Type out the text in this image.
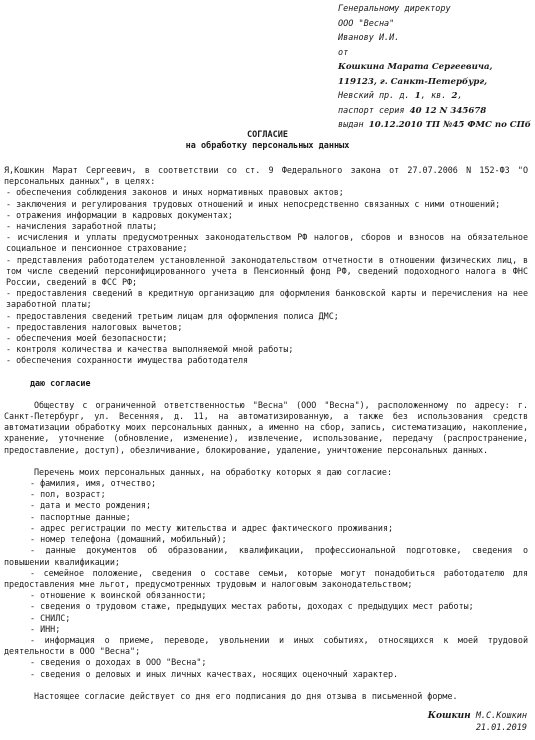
Генеральному директору
ООО "Весна"
Ивановy И.И.
от
Кошкина Марата Сергеевича,
119123, г. Санкт-Петербург,
Невский пр. д. 1, кв. 2,
паспорт серия 40 12 N 345678
выдан 10.12.2010 ТП №45 ФМС по СПб
СОГЛАСИЕ
на обработку персональных данных

Я,Кошкин Марат Сергеевич, в соответствии со ст. 9 Федерального закона от 27.07.2006 N 152-ФЗ "О персональных данных", в целях:

- обеспечения соблюдения законов и иных нормативных правовых актов;

- заключения и регулирования трудовых отношений и иных непосредственно связанных с ними отношений;

- отражения информации в кадровых документах;

- начисления заработной платы;

- исчисления и уплаты предусмотренных законодательством РФ налогов, сборов и взносов на обязательное социальное и пенсионное страхование;

- представления работодателем установленной законодательством отчетности в отношении физических лиц, в том числе сведений персонифицированного учета в Пенсионный фонд РФ, сведений подоходного налога в ФНС России, сведений в ФСС РФ;

- предоставления сведений в кредитную организацию для оформления банковской карты и перечисления на нее заработной платы;

- предоставления сведений третьим лицам для оформления полиса ДМС;

- предоставления налоговых вычетов;

- обеспечения моей безопасности;

- контроля количества и качества выполняемой мной работы;

- обеспечения сохранности имущества работодателя

даю согласие

Обществу с ограниченной ответственностью "Весна" (ООО "Весна"), расположенному по адресу: г. Санкт-Петербург, ул. Весенняя, д. 11, на автоматизированную, а также без использования средств автоматизации обработку моих персональных данных, а именно на сбор, запись, систематизацию, накопление, хранение, уточнение (обновление, изменение), извлечение, использование, передачу (распространение, предоставление, доступ), обезличивание, блокирование, удаление, уничтожение персональных данных.

Перечень моих персональных данных, на обработку которых я даю согласие:

- фамилия, имя, отчество;

- пол, возраст;

- дата и место рождения;

- паспортные данные;

- адрес регистрации по месту жительства и адрес фактического проживания;

- номер телефона (домашний, мобильный);

- данные документов об образовании, квалификации, профессиональной подготовке, сведения о повышении квалификации;

- семейное положение, сведения о составе семьи, которые могут понадобиться работодателю для предоставления мне льгот, предусмотренных трудовым и налоговым законодательством;

- отношение к воинской обязанности;

- сведения о трудовом стаже, предыдущих местах работы, доходах с предыдущих мест работы;

- СНИЛС;

- ИНН;

- информация о приеме, переводе, увольнении и иных событиях, относящихся к моей трудовой деятельности в ООО "Весна";

- сведения о доходах в ООО "Весна";

- сведения о деловых и иных личных качествах, носящих оценочный характер.

Настоящее согласие действует со дня его подписания до дня отзыва в письменной форме.

Кошкин М.С.Кошкин
21.01.2019
